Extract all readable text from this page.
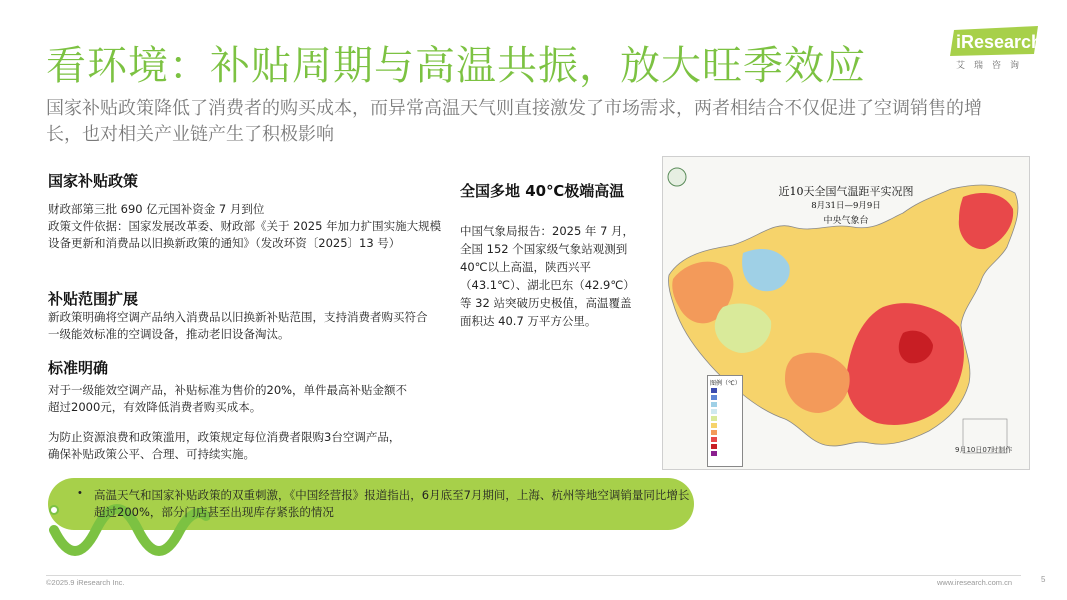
看环境：补贴周期与高温共振，放大旺季效应
iResearch
艾瑞咨询
国家补贴政策降低了消费者的购买成本，而异常高温天气则直接激发了市场需求，两者相结合不仅促进了空调销售的增长，也对相关产业链产生了积极影响
国家补贴政策
财政部第三批 690 亿元国补资金 7 月到位
政策文件依据：国家发展改革委、财政部《关于 2025 年加力扩围实施大规模设备更新和消费品以旧换新政策的通知》（发改环资〔2025〕13 号）
补贴范围扩展
新政策明确将空调产品纳入消费品以旧换新补贴范围，支持消费者购买符合一级能效标准的空调设备，推动老旧设备淘汰。
标准明确
对于一级能效空调产品，补贴标准为售价的20%，单件最高补贴金额不超过2000元，有效降低消费者购买成本。
为防止资源浪费和政策滥用，政策规定每位消费者限购3台空调产品，确保补贴政策公平、合理、可持续实施。
全国多地 40℃极端高温
中国气象局报告：2025 年 7 月，全国 152 个国家级气象站观测到 40℃以上高温，陕西兴平（43.1℃）、湖北巴东（42.9℃）等 32 站突破历史极值，高温覆盖面积达 40.7 万平方公里。
近10天全国气温距平实况图
8月31日—9月9日
中央气象台
图例（℃）
9月10日07时制作
• 高温天气和国家补贴政策的双重刺激，《中国经营报》报道指出，6月底至7月期间，上海、杭州等地空调销量同比增长超过200%，部分门店甚至出现库存紧张的情况
©2025.9 iResearch Inc.	www.iresearch.com.cn	5
